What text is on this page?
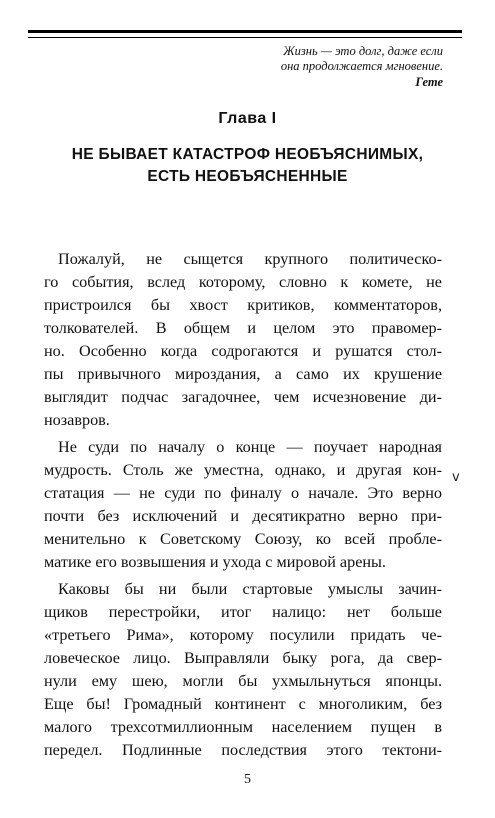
Жизнь — это долг, даже если
она продолжается мгновение.
Гете
Глава I
НЕ БЫВАЕТ КАТАСТРОФ НЕОБЪЯСНИМЫХ,
ЕСТЬ НЕОБЪЯСНЕННЫЕ
Пожалуй, не сыщется крупного политическо-
го события, вслед которому, словно к комете, не
пристроился бы хвост критиков, комментаторов,
толкователей. В общем и целом это правомер-
но. Особенно когда содрогаются и рушатся стол-
пы привычного мироздания, а само их крушение
выглядит подчас загадочнее, чем исчезновение ди-
нозавров.
Не суди по началу о конце — поучает народная
мудрость. Столь же уместна, однако, и другая кон-
статация — не суди по финалу о начале. Это верно
почти без исключений и десятикратно верно при-
менительно к Советскому Союзу, ко всей пробле-
матике его возвышения и ухода с мировой арены.
Каковы бы ни были стартовые умыслы зачин-
щиков перестройки, итог налицо: нет больше
«третьего Рима», которому посулили придать че-
ловеческое лицо. Выправляли быку рога, да свер-
нули ему шею, могли бы ухмыльнуться японцы.
Еще бы! Громадный континент с многоликим, без
малого трехсотмиллионным населением пущен в
передел. Подлинные последствия этого тектони-
v
5
